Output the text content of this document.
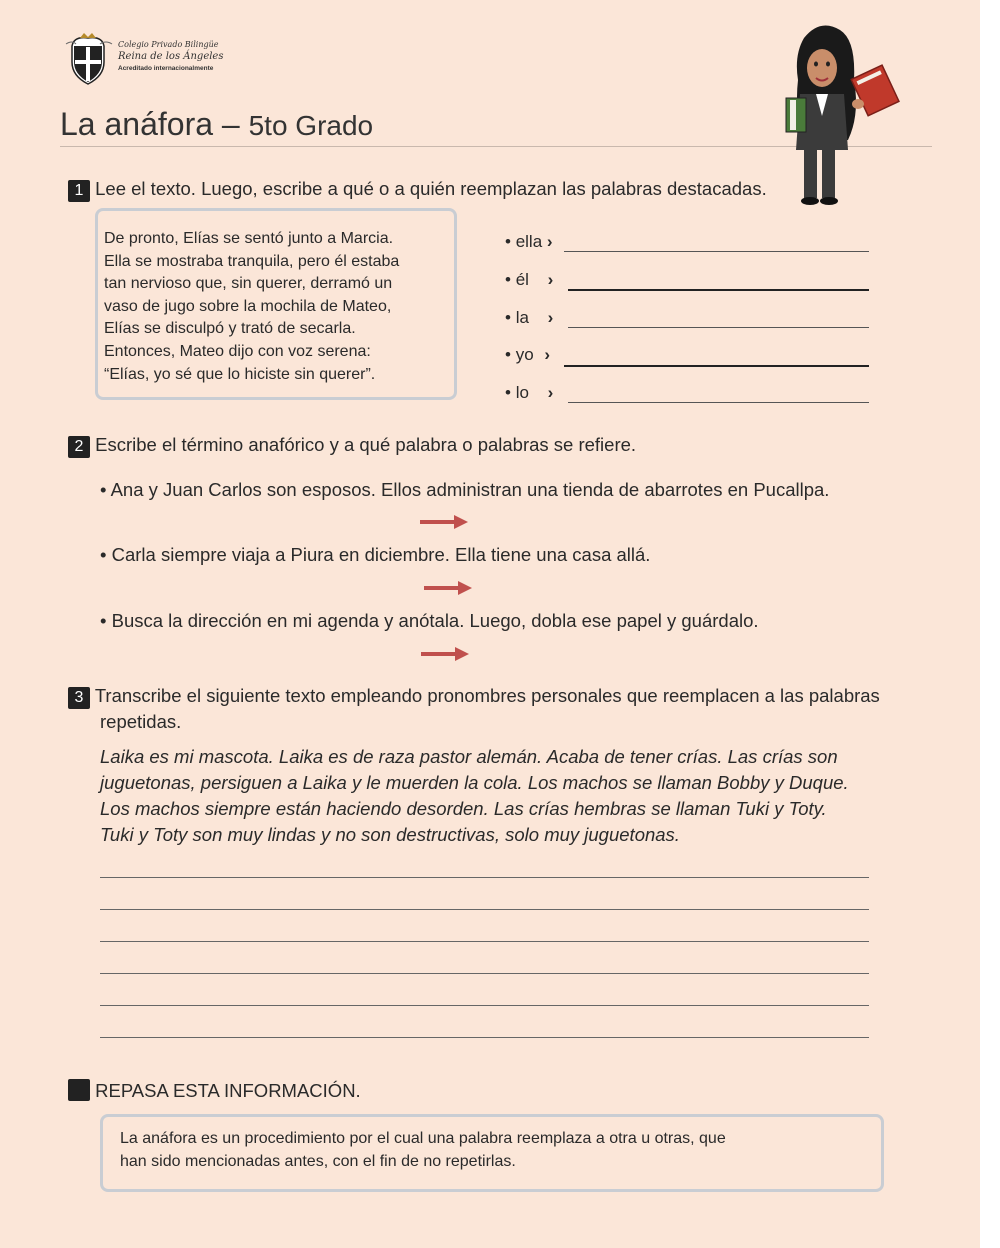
Colegio Privado Bilingüe
Reina de los Ángeles
Acreditado internacionalmente
La anáfora – 5to Grado
1 Lee el texto. Luego, escribe a qué o a quién reemplazan las palabras destacadas.
De pronto, Elías se sentó junto a Marcia.
Ella se mostraba tranquila, pero él estaba
tan nervioso que, sin querer, derramó un
vaso de jugo sobre la mochila de Mateo,
Elías se disculpó y trató de secarla.
Entonces, Mateo dijo con voz serena:
“Elías, yo sé que lo hiciste sin querer”.
• ella ›
• él ›
• la ›
• yo ›
• lo ›
2 Escribe el término anafórico y a qué palabra o palabras se refiere.
• Ana y Juan Carlos son esposos. Ellos administran una tienda de abarrotes en Pucallpa.
• Carla siempre viaja a Piura en diciembre. Ella tiene una casa allá.
• Busca la dirección en mi agenda y anótala. Luego, dobla ese papel y guárdalo.
3 Transcribe el siguiente texto empleando pronombres personales que reemplacen a las palabras
repetidas.
Laika es mi mascota. Laika es de raza pastor alemán. Acaba de tener crías. Las crías son
juguetonas, persiguen a Laika y le muerden la cola. Los machos se llaman Bobby y Duque.
Los machos siempre están haciendo desorden. Las crías hembras se llaman Tuki y Toty.
Tuki y Toty son muy lindas y no son destructivas, solo muy juguetonas.
REPASA ESTA INFORMACIÓN.
La anáfora es un procedimiento por el cual una palabra reemplaza a otra u otras, que
han sido mencionadas antes, con el fin de no repetirlas.
